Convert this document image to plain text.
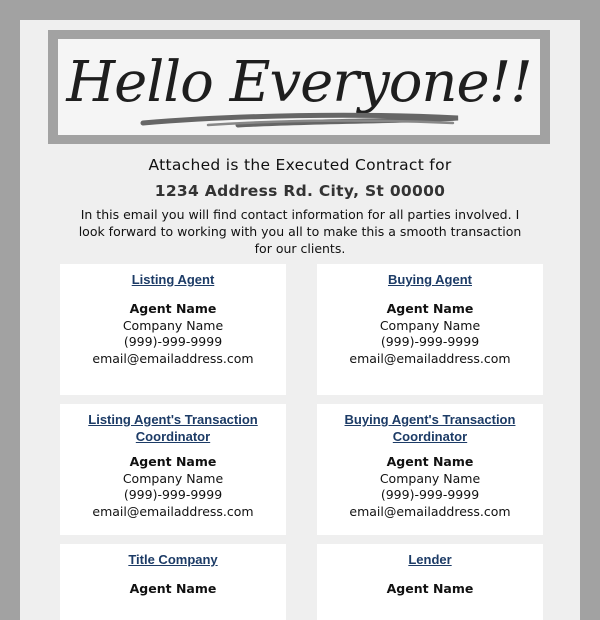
Hello Everyone!!
Attached is the Executed Contract for
1234 Address Rd. City, St 00000
In this email you will find contact information for all parties involved. I look forward to working with you all to make this a smooth transaction for our clients.
Listing Agent
Agent Name
Company Name
(999)-999-9999
email@emailaddress.com
Buying Agent
Agent Name
Company Name
(999)-999-9999
email@emailaddress.com
Listing Agent's Transaction Coordinator
Agent Name
Company Name
(999)-999-9999
email@emailaddress.com
Buying Agent's Transaction Coordinator
Agent Name
Company Name
(999)-999-9999
email@emailaddress.com
Title Company
Agent Name
Lender
Agent Name
